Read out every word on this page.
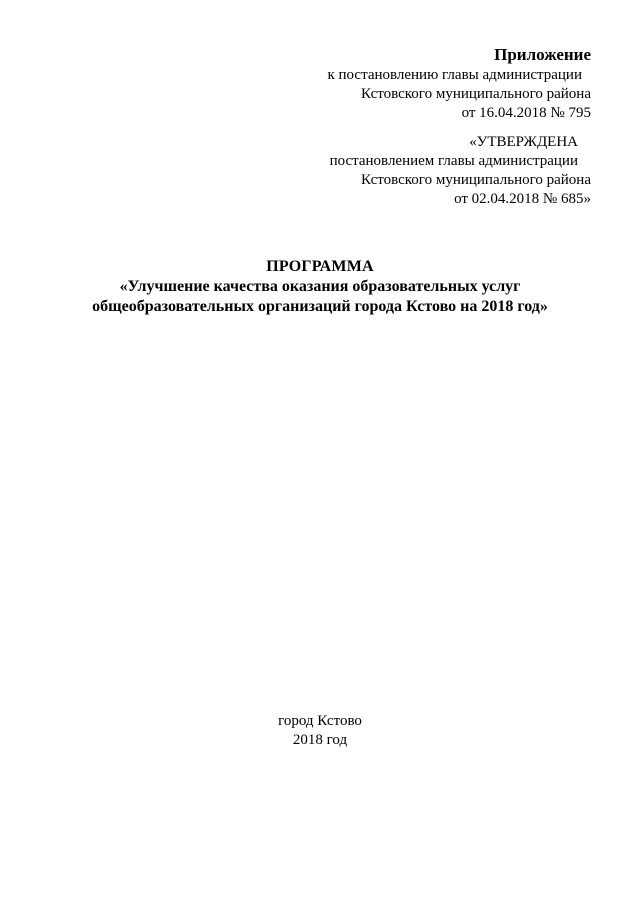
Приложение

к постановлению главы администрации

Кстовского муниципального района

от 16.04.2018 № 795

«УТВЕРЖДЕНА

постановлением главы администрации

Кстовского муниципального района

от 02.04.2018 № 685»

ПРОГРАММА

«Улучшение качества оказания образовательных услуг

общеобразовательных организаций города Кстово на 2018 год»

город Кстово

2018 год
